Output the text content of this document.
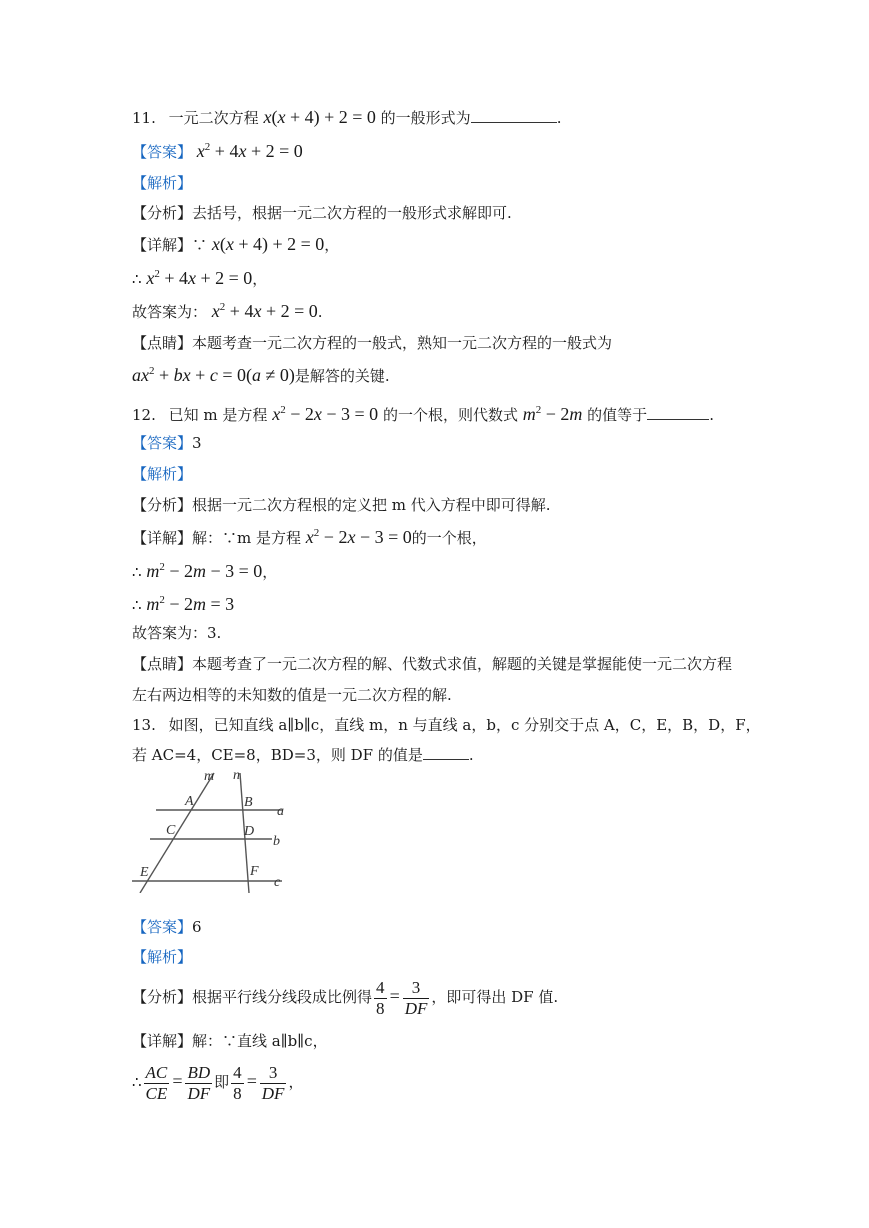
11. 一元二次方程 x(x + 4) + 2 = 0 的一般形式为	.
【答案】 $x^2 + 4x + 2 = 0$
【解析】
【分析】去括号，根据一元二次方程的一般形式求解即可.
【详解】∵ x(x + 4) + 2 = 0，
∴ $x^2 + 4x + 2 = 0$，
故答案为： $x^2 + 4x + 2 = 0$.
【点睛】本题考查一元二次方程的一般式，熟知一元二次方程的一般式为
$ax^2$ + bx + c = 0(a ≠ 0)是解答的关键.
12. 已知 m 是方程 $x^2 - 2x - 3 = 0$ 的一个根，则代数式 $m^2 - 2m$ 的值等于	.
【答案】3
【解析】
【分析】根据一元二次方程根的定义把 m 代入方程中即可得解.
【详解】解：∵m 是方程 $x^2 - 2x - 3 = 0$的一个根，
∴ $m^2 - 2m - 3 = 0$，
∴ $m^2 - 2m = 3$
故答案为：3.
【点睛】本题考查了一元二次方程的解、代数式求值，解题的关键是掌握能使一元二次方程
左右两边相等的未知数的值是一元二次方程的解.
13. 如图，已知直线 a∥b∥c，直线 m，n 与直线 a，b，c 分别交于点 A，C，E，B，D，F，
若 AC=4，CE=8，BD=3，则 DF 的值是	.
m n
A	B
a
C	D
b
E	F
c
【答案】6
【解析】
【分析】根据平行线分线段成比例得 $\frac{4}{8} = \frac{3}{DF}$ ，即可得出 DF 值.
【详解】解：∵直线 a∥b∥c，
∴ $\frac{AC}{CE} = \frac{BD}{DF}$ 即 $\frac{4}{8} = \frac{3}{DF}$ ，
